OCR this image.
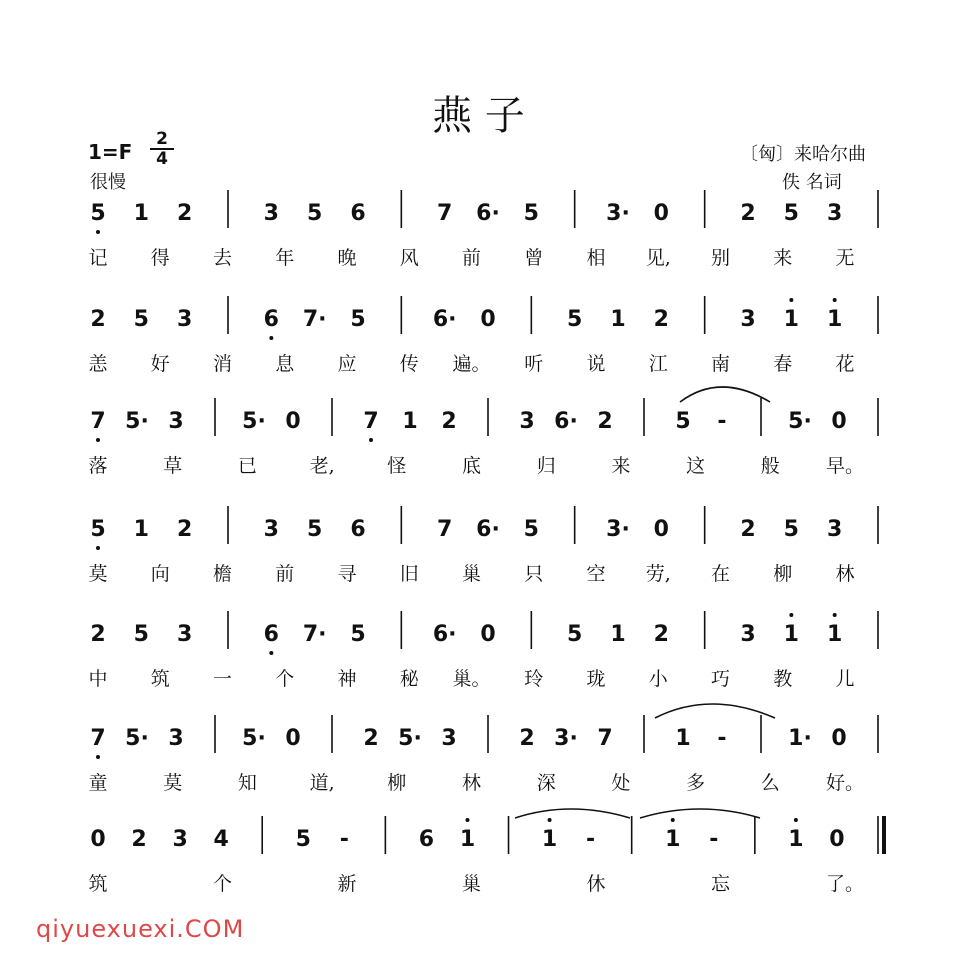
燕 子
1=F
2
4
很慢
〔匈〕来哈尔曲
佚 名词
5 1 2	3 5 6	7 6· 5	3· 0	2 5 3
记 得 去 年 晚 风 前 曾 相 见, 别 来 无
2 5 3	6 7· 5	6· 0	5 1 2	3 1 1
恙 好 消 息 应 传 遍。 听 说 江 南 春 花
7 5· 3	5· 0	7 1 2	3 6· 2	5 -	5· 0
落	草	已	老,	怪	底	归	来	这	般 早。
5 1 2	3 5 6	7 6· 5	3· 0	2 5 3
莫 向 檐 前 寻 旧 巢 只 空 劳, 在 柳 林
2 5 3	6 7· 5	6· 0	5 1 2	3 1 1
中 筑 一 个 神 秘 巢。 玲 珑 小 巧 教 儿
7 5· 3	5· 0	2 5· 3	2 3· 7	1 -	1· 0
童	莫	知	道,	柳	林	深	处	多	么 好。
0 2 3 4	5 -	6 1	1 -	1 -	1 0
筑	个	新	巢	休	忘	了。
qiyuexuexi.COM
